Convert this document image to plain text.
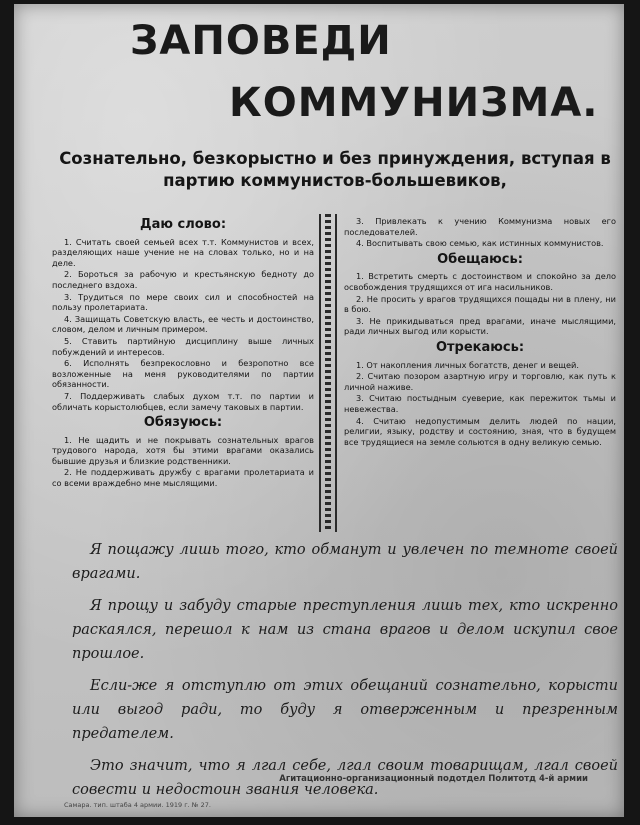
ЗАПОВЕДИ
КОММУНИЗМА.
Сознательно, безкорыстно и без принуждения, вступая в партию коммунистов-большевиков,
Даю слово:

1. Считать своей семьей всех т.т. Коммунистов и всех, разделяющих наше учение не на словах только, но и на деле.

2. Бороться за рабочую и крестьянскую бедноту до последнего вздоха.

3. Трудиться по мере своих сил и способностей на пользу пролетариата.

4. Защищать Советскую власть, ее честь и достоинство, словом, делом и личным примером.

5. Ставить партийную дисциплину выше личных побуждений и интересов.

6. Исполнять безпрекословно и безропотно все возложенные на меня руководителями по партии обязанности.

7. Поддерживать слабых духом т.т. по партии и обличать корыстолюбцев, если замечу таковых в партии.

Обязуюсь:

1. Не щадить и не покрывать сознательных врагов трудового народа, хотя бы этими врагами оказались бывшие друзья и близкие родственники.

2. Не поддерживать дружбу с врагами пролетариата и со всеми враждебно мне мыслящими.

3. Привлекать к учению Коммунизма новых его последователей.

4. Воспитывать свою семью, как истинных коммунистов.

Обещаюсь:

1. Встретить смерть с достоинством и спокойно за дело освобождения трудящихся от ига насильников.

2. Не просить у врагов трудящихся пощады ни в плену, ни в бою.

3. Не прикидываться пред врагами, иначе мыслящими, ради личных выгод или корысти.

Отрекаюсь:

1. От накопления личных богатств, денег и вещей.

2. Считаю позором азартную игру и торговлю, как путь к личной наживе.

3. Считаю постыдным суеверие, как пережиток тьмы и невежества.

4. Считаю недопустимым делить людей по нации, религии, языку, родству и состоянию, зная, что в будущем все трудящиеся на земле сольются в одну великую семью.

Я пощажу лишь того, кто обманут и увлечен по темноте своей врагами.

Я прощу и забуду старые преступления лишь тех, кто искренно раскаялся, перешол к нам из стана врагов и делом искупил свое прошлое.

Если-же я отступлю от этих обещаний сознательно, корысти или выгод ради, то буду я отверженным и презренным предателем.

Это значит, что я лгал себе, лгал своим товарищам, лгал своей совести и недостоин звания человека.

Агитационно-организационный подотдел Политотд 4-й армии
Самара. тип. штаба 4 армии. 1919 г. № 27.
